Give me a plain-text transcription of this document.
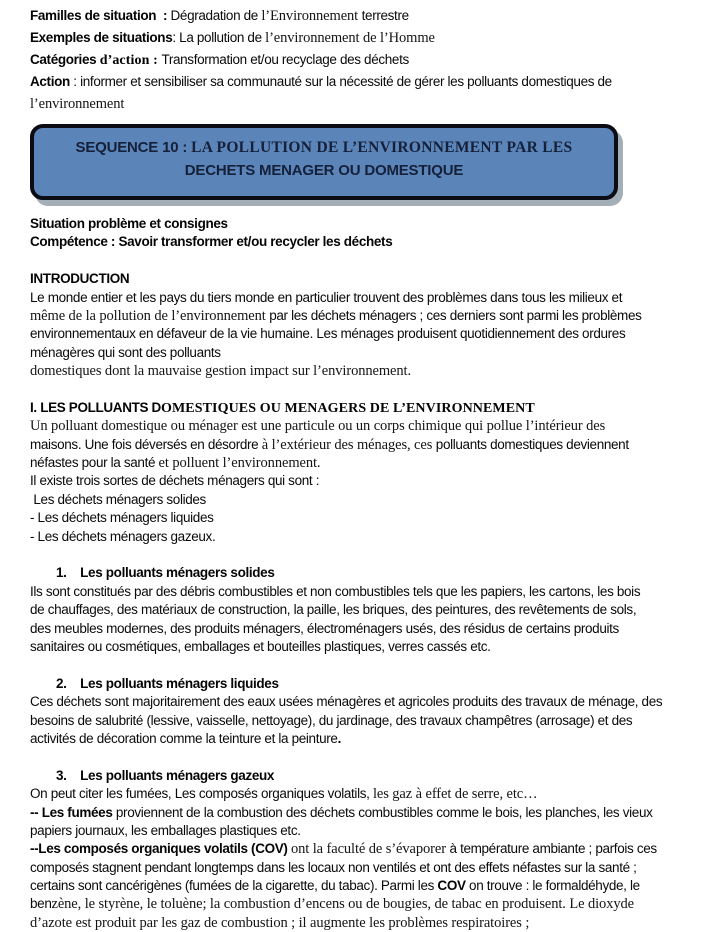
Familles de situation  : Dégradation de l’Environnement terrestre
Exemples de situations: La pollution de l’environnement de l’Homme
Catégories d’action : Transformation et/ou recyclage des déchets
Action : informer et sensibiliser sa communauté sur la nécessité de gérer les polluants domestiques de
l’environnement
SEQUENCE 10 : LA POLLUTION DE L’ENVIRONNEMENT PAR LES
DECHETS MENAGER OU DOMESTIQUE
Situation problème et consignes
Compétence : Savoir transformer et/ou recycler les déchets

INTRODUCTION
Le monde entier et les pays du tiers monde en particulier trouvent des problèmes dans tous les milieux et
même de la pollution de l’environnement par les déchets ménagers ; ces derniers sont parmi les problèmes
environnementaux en défaveur de la vie humaine. Les ménages produisent quotidiennement des ordures
ménagères qui sont des polluants
domestiques dont la mauvaise gestion impact sur l’environnement.

I. LES POLLUANTS DOMESTIQUES OU MENAGERS DE L’ENVIRONNEMENT
Un polluant domestique ou ménager est une particule ou un corps chimique qui pollue l’intérieur des
maisons. Une fois déversés en désordre à l’extérieur des ménages, ces polluants domestiques deviennent
néfastes pour la santé et polluent l’environnement.
Il existe trois sortes de déchets ménagers qui sont :
Les déchets ménagers solides
- Les déchets ménagers liquides
- Les déchets ménagers gazeux.

1.    Les polluants ménagers solides
Ils sont constitués par des débris combustibles et non combustibles tels que les papiers, les cartons, les bois
de chauffages, des matériaux de construction, la paille, les briques, des peintures, des revêtements de sols,
des meubles modernes, des produits ménagers, électroménagers usés, des résidus de certains produits
sanitaires ou cosmétiques, emballages et bouteilles plastiques, verres cassés etc.

2.    Les polluants ménagers liquides
Ces déchets sont majoritairement des eaux usées ménagères et agricoles produits des travaux de ménage, des
besoins de salubrité (lessive, vaisselle, nettoyage), du jardinage, des travaux champêtres (arrosage) et des
activités de décoration comme la teinture et la peinture.

3.    Les polluants ménagers gazeux
On peut citer les fumées, Les composés organiques volatils, les gaz à effet de serre, etc…
-- Les fumées proviennent de la combustion des déchets combustibles comme le bois, les planches, les vieux
papiers journaux, les emballages plastiques etc.
--Les composés organiques volatils (COV) ont la faculté de s’évaporer à température ambiante ; parfois ces
composés stagnent pendant longtemps dans les locaux non ventilés et ont des effets néfastes sur la santé ;
certains sont cancérigènes (fumées de la cigarette, du tabac). Parmi les COV on trouve : le formaldéhyde, le
benzène, le styrène, le toluène; la combustion d’encens ou de bougies, de tabac en produisent. Le dioxyde
d’azote est produit par les gaz de combustion ; il augmente les problèmes respiratoires ;
